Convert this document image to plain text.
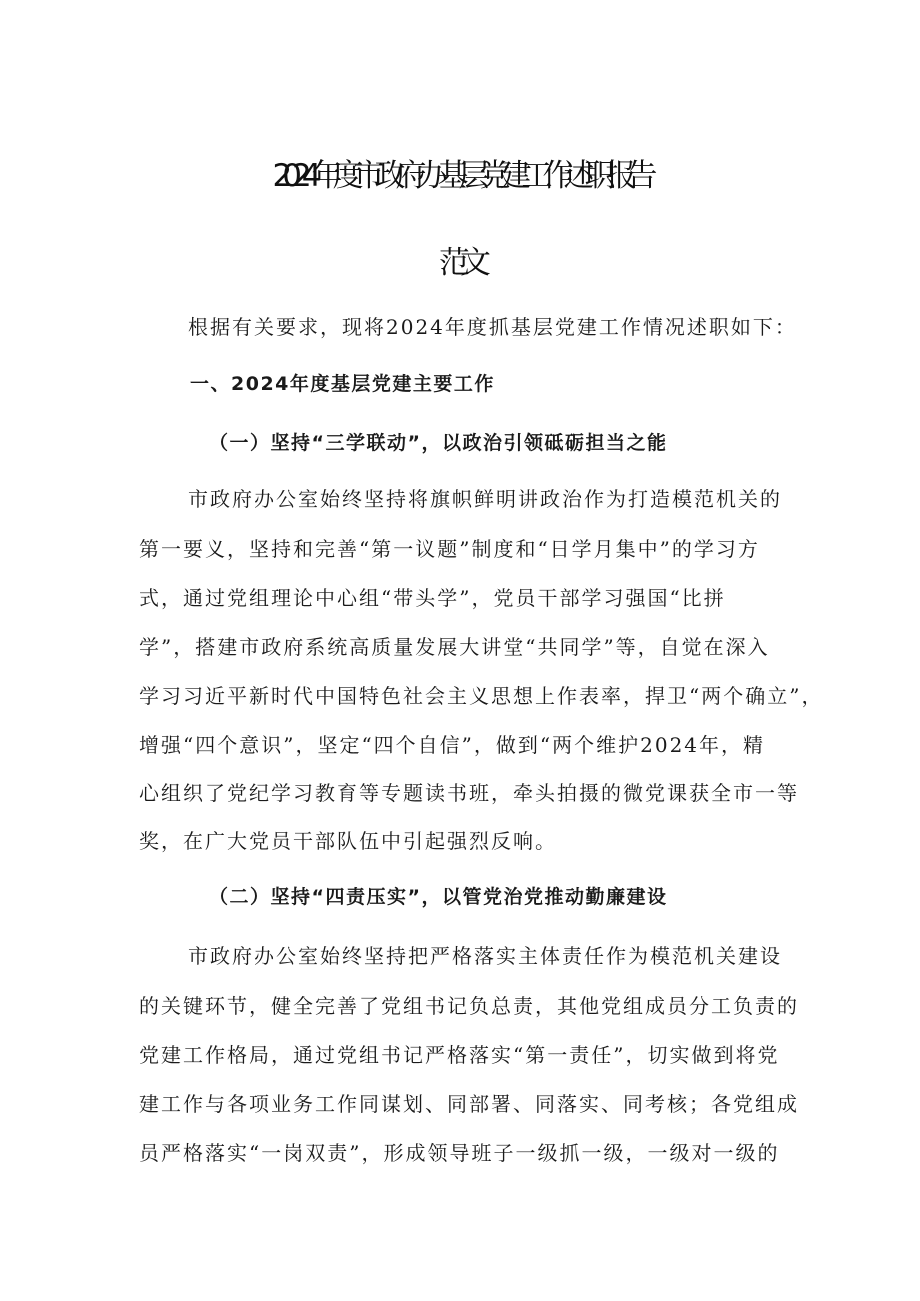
2024年度市政府办基层党建工作述职报告
范文
根据有关要求，现将2024年度抓基层党建工作情况述职如下：
一、2024年度基层党建主要工作
（一）坚持“三学联动”，以政治引领砥砺担当之能
市政府办公室始终坚持将旗帜鲜明讲政治作为打造模范机关的
第一要义，坚持和完善“第一议题”制度和“日学月集中”的学习方
式，通过党组理论中心组“带头学”，党员干部学习强国“比拼
学”，搭建市政府系统高质量发展大讲堂“共同学”等，自觉在深入
学习习近平新时代中国特色社会主义思想上作表率，捍卫“两个确立”，
增强“四个意识”，坚定“四个自信”，做到“两个维护2024年，精
心组织了党纪学习教育等专题读书班，牵头拍摄的微党课获全市一等
奖，在广大党员干部队伍中引起强烈反响。
（二）坚持“四责压实”，以管党治党推动勤廉建设
市政府办公室始终坚持把严格落实主体责任作为模范机关建设
的关键环节，健全完善了党组书记负总责，其他党组成员分工负责的
党建工作格局，通过党组书记严格落实“第一责任”，切实做到将党
建工作与各项业务工作同谋划、同部署、同落实、同考核；各党组成
员严格落实“一岗双责”，形成领导班子一级抓一级，一级对一级的
